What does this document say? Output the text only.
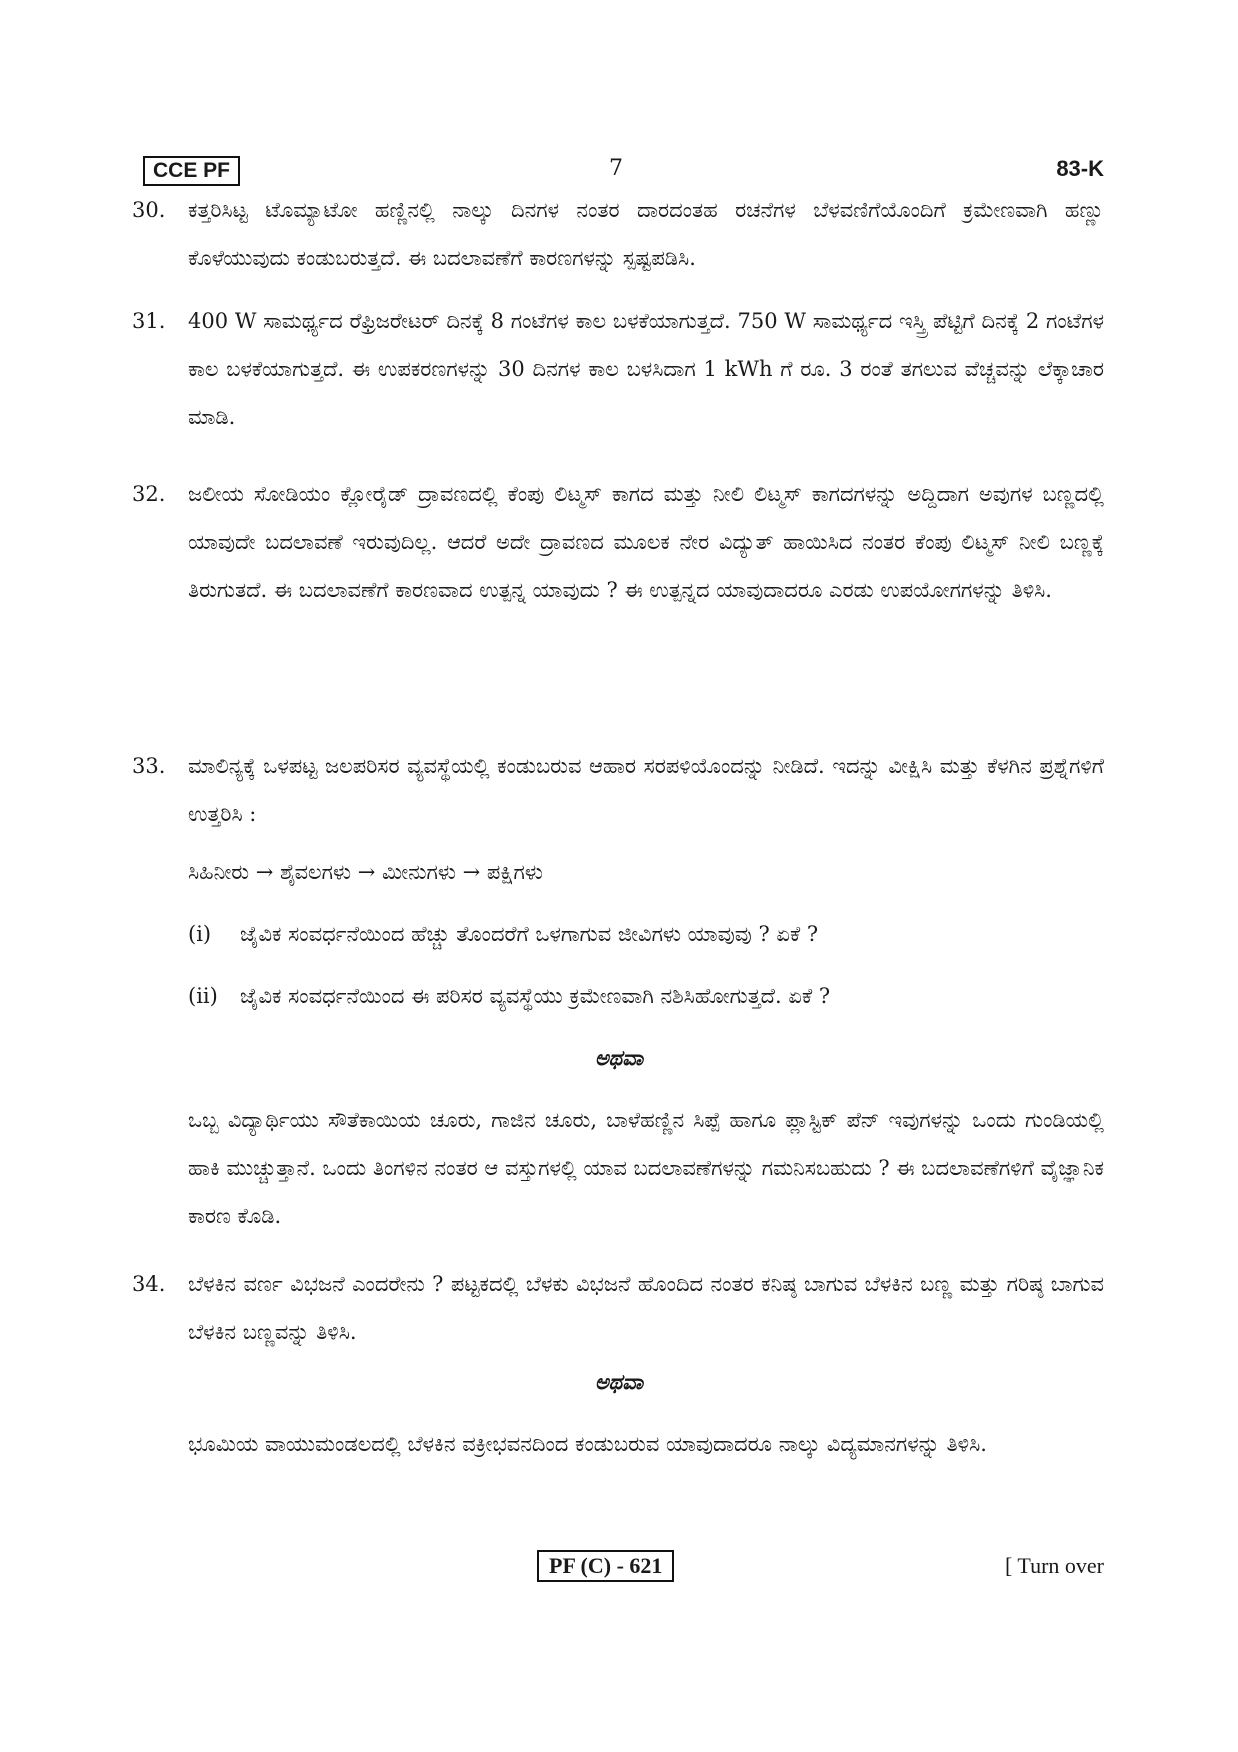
CCE PF	7	83-K
30.	ಕತ್ತರಿಸಿಟ್ಟ ಟೊಮ್ಯಾಟೋ ಹಣ್ಣಿನಲ್ಲಿ ನಾಲ್ಕು ದಿನಗಳ ನಂತರ ದಾರದಂತಹ ರಚನೆಗಳ ಬೆಳವಣಿಗೆಯೊಂದಿಗೆ ಕ್ರಮೇಣವಾಗಿ ಹಣ್ಣು ಕೊಳೆಯುವುದು ಕಂಡುಬರುತ್ತದೆ. ಈ ಬದಲಾವಣೆಗೆ ಕಾರಣಗಳನ್ನು ಸ್ಪಷ್ಟಪಡಿಸಿ.
31.	400 W ಸಾಮರ್ಥ್ಯದ ರೆಫ್ರಿಜರೇಟರ್ ದಿನಕ್ಕೆ 8 ಗಂಟೆಗಳ ಕಾಲ ಬಳಕೆಯಾಗುತ್ತದೆ. 750 W ಸಾಮರ್ಥ್ಯದ ಇಸ್ತ್ರಿ ಪೆಟ್ಟಿಗೆ ದಿನಕ್ಕೆ 2 ಗಂಟೆಗಳ ಕಾಲ ಬಳಕೆಯಾಗುತ್ತದೆ. ಈ ಉಪಕರಣಗಳನ್ನು 30 ದಿನಗಳ ಕಾಲ ಬಳಸಿದಾಗ 1 kWh ಗೆ ರೂ. 3 ರಂತೆ ತಗಲುವ ವೆಚ್ಚವನ್ನು ಲೆಕ್ಕಾಚಾರ ಮಾಡಿ.
32.	ಜಲೀಯ ಸೋಡಿಯಂ ಕ್ಲೋರೈಡ್ ದ್ರಾವಣದಲ್ಲಿ ಕೆಂಪು ಲಿಟ್ಮಸ್ ಕಾಗದ ಮತ್ತು ನೀಲಿ ಲಿಟ್ಮಸ್ ಕಾಗದಗಳನ್ನು ಅದ್ದಿದಾಗ ಅವುಗಳ ಬಣ್ಣದಲ್ಲಿ ಯಾವುದೇ ಬದಲಾವಣೆ ಇರುವುದಿಲ್ಲ. ಆದರೆ ಅದೇ ದ್ರಾವಣದ ಮೂಲಕ ನೇರ ವಿದ್ಯುತ್ ಹಾಯಿಸಿದ ನಂತರ ಕೆಂಪು ಲಿಟ್ಮಸ್ ನೀಲಿ ಬಣ್ಣಕ್ಕೆ ತಿರುಗುತದೆ. ಈ ಬದಲಾವಣೆಗೆ ಕಾರಣವಾದ ಉತ್ಪನ್ನ ಯಾವುದು ? ಈ ಉತ್ಪನ್ನದ ಯಾವುದಾದರೂ ಎರಡು ಉಪಯೋಗಗಳನ್ನು ತಿಳಿಸಿ.
33.	ಮಾಲಿನ್ಯಕ್ಕೆ ಒಳಪಟ್ಟ ಜಲಪರಿಸರ ವ್ಯವಸ್ಥೆಯಲ್ಲಿ ಕಂಡುಬರುವ ಆಹಾರ ಸರಪಳಿಯೊಂದನ್ನು ನೀಡಿದೆ. ಇದನ್ನು ವೀಕ್ಷಿಸಿ ಮತ್ತು ಕೆಳಗಿನ ಪ್ರಶ್ನೆಗಳಿಗೆ ಉತ್ತರಿಸಿ :
ಸಿಹಿನೀರು → ಶೈವಲಗಳು → ಮೀನುಗಳು → ಪಕ್ಷಿಗಳು
(i) ಜೈವಿಕ ಸಂವರ್ಧನೆಯಿಂದ ಹೆಚ್ಚು ತೊಂದರೆಗೆ ಒಳಗಾಗುವ ಜೀವಿಗಳು ಯಾವುವು ? ಏಕೆ ?
(ii) ಜೈವಿಕ ಸಂವರ್ಧನೆಯಿಂದ ಈ ಪರಿಸರ ವ್ಯವಸ್ಥೆಯು ಕ್ರಮೇಣವಾಗಿ ನಶಿಸಿಹೋಗುತ್ತದೆ. ಏಕೆ ?
ಅಥವಾ
ಒಬ್ಬ ವಿದ್ಯಾರ್ಥಿಯು ಸೌತೆಕಾಯಿಯ ಚೂರು, ಗಾಜಿನ ಚೂರು, ಬಾಳೆಹಣ್ಣಿನ ಸಿಪ್ಪೆ ಹಾಗೂ ಪ್ಲಾಸ್ಟಿಕ್ ಪೆನ್ ಇವುಗಳನ್ನು ಒಂದು ಗುಂಡಿಯಲ್ಲಿ ಹಾಕಿ ಮುಚ್ಚುತ್ತಾನೆ. ಒಂದು ತಿಂಗಳಿನ ನಂತರ ಆ ವಸ್ತುಗಳಲ್ಲಿ ಯಾವ ಬದಲಾವಣೆಗಳನ್ನು ಗಮನಿಸಬಹುದು ? ಈ ಬದಲಾವಣೆಗಳಿಗೆ ವೈಜ್ಞಾನಿಕ ಕಾರಣ ಕೊಡಿ.
34.	ಬೆಳಕಿನ ವರ್ಣ ವಿಭಜನೆ ಎಂದರೇನು ? ಪಟ್ಟಕದಲ್ಲಿ ಬೆಳಕು ವಿಭಜನೆ ಹೊಂದಿದ ನಂತರ ಕನಿಷ್ಠ ಬಾಗುವ ಬೆಳಕಿನ ಬಣ್ಣ ಮತ್ತು ಗರಿಷ್ಠ ಬಾಗುವ ಬೆಳಕಿನ ಬಣ್ಣವನ್ನು ತಿಳಿಸಿ.
ಅಥವಾ
ಭೂಮಿಯ ವಾಯುಮಂಡಲದಲ್ಲಿ ಬೆಳಕಿನ ವಕ್ರೀಭವನದಿಂದ ಕಂಡುಬರುವ ಯಾವುದಾದರೂ ನಾಲ್ಕು ವಿದ್ಯಮಾನಗಳನ್ನು ತಿಳಿಸಿ.
PF (C) - 621	[ Turn over
